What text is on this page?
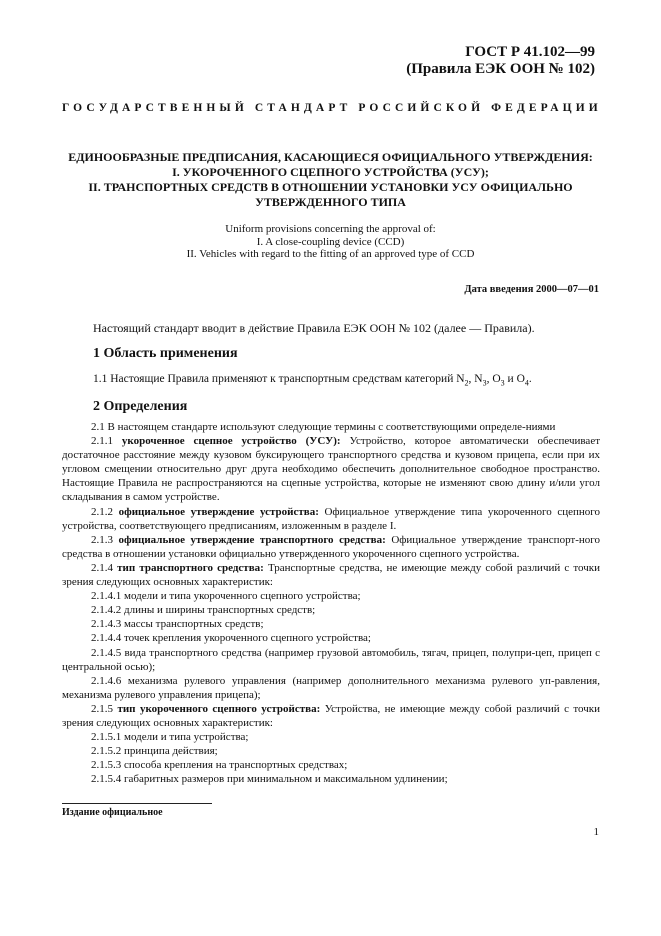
ГОСТ Р 41.102—99
(Правила ЕЭК ООН № 102)
ГОСУДАРСТВЕННЫЙ СТАНДАРТ РОССИЙСКОЙ ФЕДЕРАЦИИ
ЕДИНООБРАЗНЫЕ ПРЕДПИСАНИЯ, КАСАЮЩИЕСЯ ОФИЦИАЛЬНОГО УТВЕРЖДЕНИЯ:
I. УКОРОЧЕННОГО СЦЕПНОГО УСТРОЙСТВА (УСУ);
II. ТРАНСПОРТНЫХ СРЕДСТВ В ОТНОШЕНИИ УСТАНОВКИ УСУ ОФИЦИАЛЬНО
УТВЕРЖДЕННОГО ТИПА
Uniform provisions concerning the approval of:
I. A close-coupling device (CCD)
II. Vehicles with regard to the fitting of an approved type of CCD
Дата введения 2000—07—01
Настоящий стандарт вводит в действие Правила ЕЭК ООН № 102 (далее — Правила).
1 Область применения
1.1 Настоящие Правила применяют к транспортным средствам категорий $N_2$, $N_3$, $O_3$ и $O_4$.
2 Определения

2.1 В настоящем стандарте используют следующие термины с соответствующими определе-ниями

2.1.1 укороченное сцепное устройство (УСУ): Устройство, которое автоматически обеспечивает достаточное расстояние между кузовом буксирующего транспортного средства и кузовом прицепа, если при их угловом смещении относительно друг друга необходимо обеспечить дополнительное свободное пространство. Настоящие Правила не распространяются на сцепные устройства, которые не изменяют свою длину и/или угол складывания в самом устройстве.

2.1.2 официальное утверждение устройства: Официальное утверждение типа укороченного сцепного устройства, соответствующего предписаниям, изложенным в разделе I.

2.1.3 официальное утверждение транспортного средства: Официальное утверждение транспорт-ного средства в отношении установки официально утвержденного укороченного сцепного устройства.

2.1.4 тип транспортного средства: Транспортные средства, не имеющие между собой различий с точки зрения следующих основных характеристик:

2.1.4.1 модели и типа укороченного сцепного устройства;

2.1.4.2 длины и ширины транспортных средств;

2.1.4.3 массы транспортных средств;

2.1.4.4 точек крепления укороченного сцепного устройства;

2.1.4.5 вида транспортного средства (например грузовой автомобиль, тягач, прицеп, полупри-цеп, прицеп с центральной осью);

2.1.4.6 механизма рулевого управления (например дополнительного механизма рулевого уп-равления, механизма рулевого управления прицепа);

2.1.5 тип укороченного сцепного устройства: Устройства, не имеющие между собой различий с точки зрения следующих основных характеристик:

2.1.5.1 модели и типа устройства;

2.1.5.2 принципа действия;

2.1.5.3 способа крепления на транспортных средствах;

2.1.5.4 габаритных размеров при минимальном и максимальном удлинении;

Издание официальное
1
